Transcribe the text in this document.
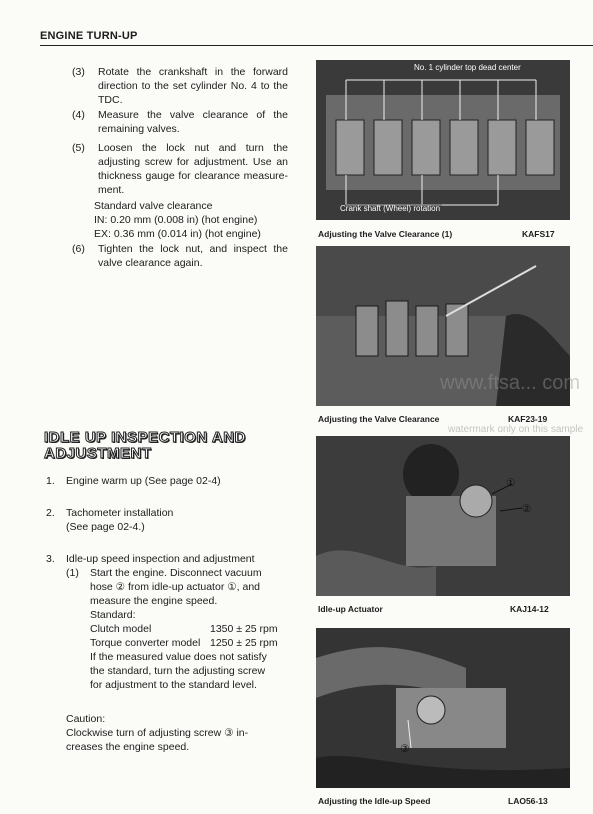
ENGINE TURN-UP
(3)	Rotate the crankshaft in the forward direction to the set cylinder No. 4 to the TDC.
(4)	Measure the valve clearance of the remaining valves.
(5)	Loosen the lock nut and turn the adjusting screw for adjustment. Use an thickness gauge for clearance measure-ment.
Standard valve clearance
IN: 0.20 mm (0.008 in) (hot engine)
EX: 0.36 mm (0.014 in) (hot engine)
(6)	Tighten the lock nut, and inspect the valve clearance again.
IDLE UP INSPECTION AND
ADJUSTMENT
1. Engine warm up (See page 02-4)
2. Tachometer installation
(See page 02-4.)
3. Idle-up speed inspection and adjustment
(1) Start the engine. Disconnect vacuum
hose ② from idle-up actuator ①, and
measure the engine speed.
Standard:
Clutch model	1350 ± 25 rpm
Torque converter model 1250 ± 25 rpm
If the measured value does not satisfy
the standard, turn the adjusting screw
for adjustment to the standard level.
Caution:
Clockwise turn of adjusting screw ③ in-
creases the engine speed.
No. 1 cylinder top dead center
Crank shaft (Wheel) rotation
Adjusting the Valve Clearance (1)	KAFS17
www.ftsa... com
watermark only on this sample
Adjusting the Valve Clearance	KAF23-19
①
②
Idle-up Actuator	KAJ14-12
③
Adjusting the Idle-up Speed	LAO56-13
